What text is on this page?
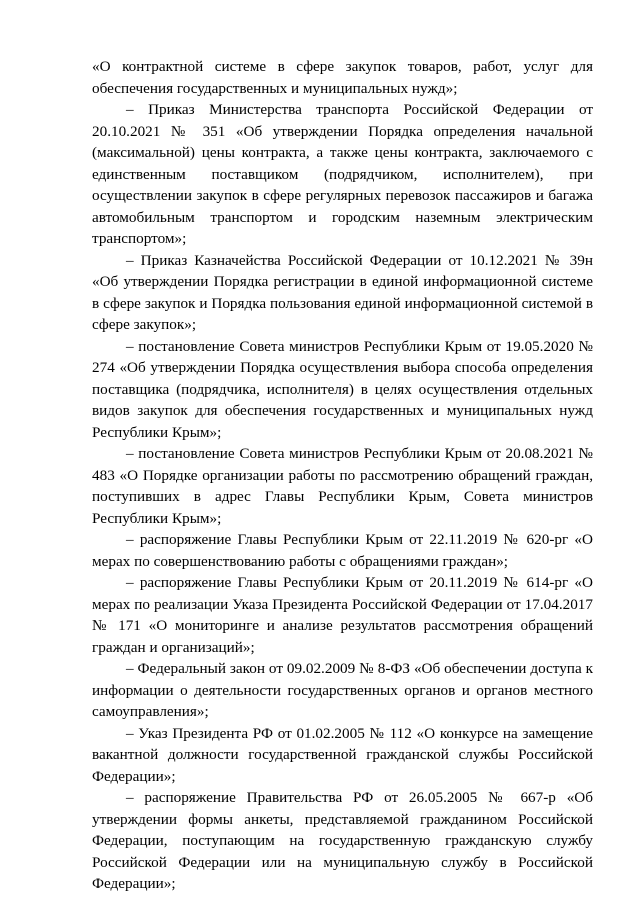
«О контрактной системе в сфере закупок товаров, работ, услуг для обеспечения государственных и муниципальных нужд»;

– Приказ Министерства транспорта Российской Федерации от 20.10.2021 № 351 «Об утверждении Порядка определения начальной (максимальной) цены контракта, а также цены контракта, заключаемого с единственным поставщиком (подрядчиком, исполнителем), при осуществлении закупок в сфере регулярных перевозок пассажиров и багажа автомобильным транспортом и городским наземным электрическим транспортом»;

– Приказ Казначейства Российской Федерации от 10.12.2021 № 39н «Об утверждении Порядка регистрации в единой информационной системе в сфере закупок и Порядка пользования единой информационной системой в сфере закупок»;

– постановление Совета министров Республики Крым от 19.05.2020 № 274 «Об утверждении Порядка осуществления выбора способа определения поставщика (подрядчика, исполнителя) в целях осуществления отдельных видов закупок для обеспечения государственных и муниципальных нужд Республики Крым»;

– постановление Совета министров Республики Крым от 20.08.2021 № 483 «О Порядке организации работы по рассмотрению обращений граждан, поступивших в адрес Главы Республики Крым, Совета министров Республики Крым»;

– распоряжение Главы Республики Крым от 22.11.2019 № 620-рг «О мерах по совершенствованию работы с обращениями граждан»;

– распоряжение Главы Республики Крым от 20.11.2019 № 614-рг «О мерах по реализации Указа Президента Российской Федерации от 17.04.2017 № 171 «О мониторинге и анализе результатов рассмотрения обращений граждан и организаций»;

– Федеральный закон от 09.02.2009 № 8-ФЗ «Об обеспечении доступа к информации о деятельности государственных органов и органов местного самоуправления»;

– Указ Президента РФ от 01.02.2005 № 112 «О конкурсе на замещение вакантной должности государственной гражданской службы Российской Федерации»;

– распоряжение Правительства РФ от 26.05.2005 № 667-р «Об утверждении формы анкеты, представляемой гражданином Российской Федерации, поступающим на государственную гражданскую службу Российской Федерации или на муниципальную службу в Российской Федерации»;
